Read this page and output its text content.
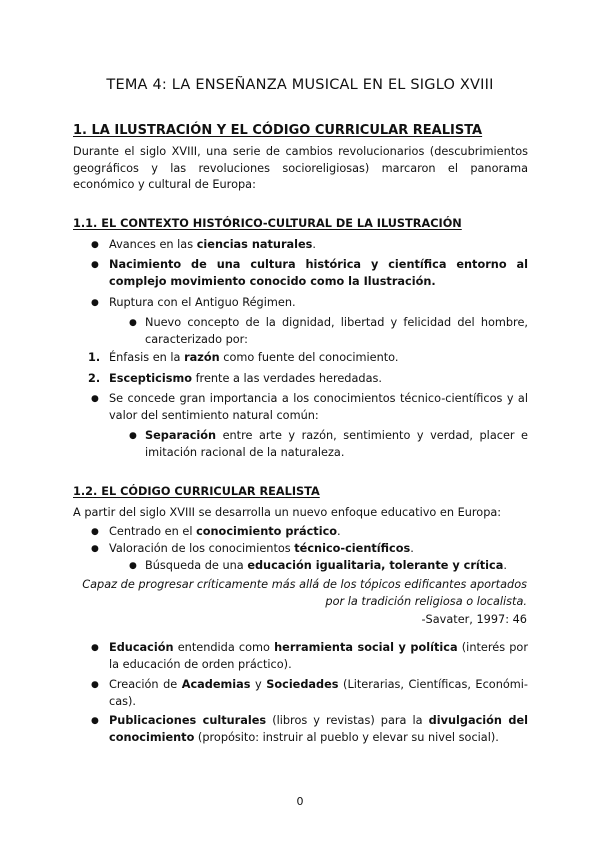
TEMA 4: LA ENSEÑANZA MUSICAL EN EL SIGLO XVIII
1. LA ILUSTRACIÓN Y EL CÓDIGO CURRICULAR REALISTA

Durante el siglo XVIII, una serie de cambios revolucionarios (descubrimientos geográficos y las revoluciones socioreligiosas) marcaron el panorama económico y cultural de Europa:

1.1. EL CONTEXTO HISTÓRICO-CULTURAL DE LA ILUSTRACIÓN
● Avances en las ciencias naturales.

● Nacimiento de una cultura histórica y científica entorno al complejo movimiento conocido como la Ilustración.

● Ruptura con el Antiguo Régimen.

● Nuevo concepto de la dignidad, libertad y felicidad del hombre, caracterizado por:

1. Énfasis en la razón como fuente del conocimiento.

2. Escepticismo frente a las verdades heredadas.

● Se concede gran importancia a los conocimientos técnico-científicos y al valor del sentimiento natural común:

● Separación entre arte y razón, sentimiento y verdad, placer e imitación racional de la naturaleza.

1.2. EL CÓDIGO CURRICULAR REALISTA

A partir del siglo XVIII se desarrolla un nuevo enfoque educativo en Europa:

● Centrado en el conocimiento práctico.

● Valoración de los conocimientos técnico-científicos.

● Búsqueda de una educación igualitaria, tolerante y crítica.

Capaz de progresar críticamente más allá de los tópicos edificantes aportados por la tradición religiosa o localista.

-Savater, 1997: 46

● Educación entendida como herramienta social y política (interés por la educación de orden práctico).

● Creación de Academias y Sociedades (Literarias, Científicas, Económi-cas).

● Publicaciones culturales (libros y revistas) para la divulgación del conocimiento (propósito: instruir al pueblo y elevar su nivel social).

0
